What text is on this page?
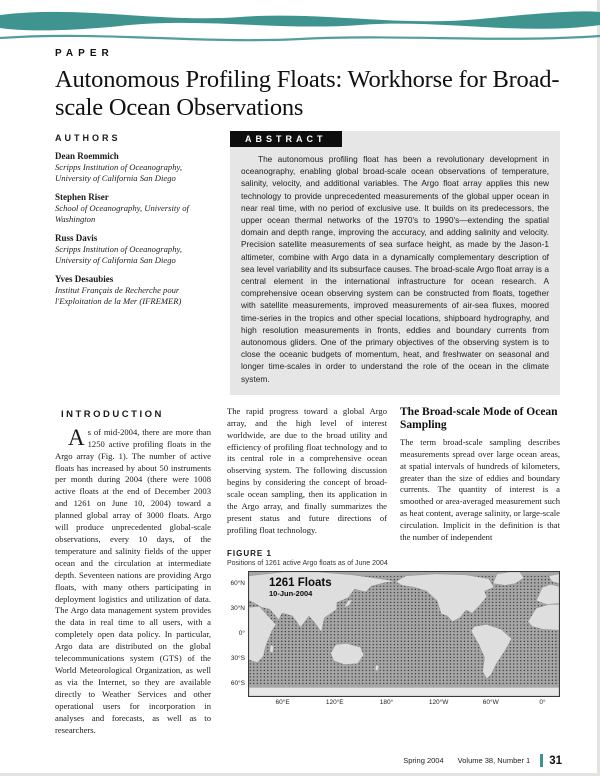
PAPER
Autonomous Profiling Floats: Workhorse for Broad-scale Ocean Observations
AUTHORS
Dean Roemmich
Scripps Institution of Oceanography, University of California San Diego
Stephen Riser
School of Oceanography, University of Washington
Russ Davis
Scripps Institution of Oceanography, University of California San Diego
Yves Desaubies
Institut Français de Recherche pour l'Exploitation de la Mer (IFREMER)
ABSTRACT

The autonomous profiling float has been a revolutionary development in oceanography, enabling global broad-scale ocean observations of temperature, salinity, velocity, and additional variables. The Argo float array applies this new technology to provide unprecedented measurements of the global upper ocean in near real time, with no period of exclusive use. It builds on its predecessors, the upper ocean thermal networks of the 1970's to 1990's—extending the spatial domain and depth range, improving the accuracy, and adding salinity and velocity. Precision satellite measurements of sea surface height, as made by the Jason-1 altimeter, combine with Argo data in a dynamically complementary description of sea level variability and its subsurface causes. The broad-scale Argo float array is a central element in the international infrastructure for ocean research. A comprehensive ocean observing system can be constructed from floats, together with satellite measurements, improved measurements of air-sea fluxes, moored time-series in the tropics and other special locations, shipboard hydrography, and high resolution measurements in fronts, eddies and boundary currents from autonomous gliders. One of the primary objectives of the observing system is to close the oceanic budgets of momentum, heat, and freshwater on seasonal and longer time-scales in order to understand the role of the ocean in the climate system.

INTRODUCTION

As of mid-2004, there are more than 1250 active profiling floats in the Argo array (Fig. 1). The number of active floats has increased by about 50 instruments per month during 2004 (there were 1008 active floats at the end of December 2003 and 1261 on June 10, 2004) toward a planned global array of 3000 floats. Argo will produce unprecedented global-scale observations, every 10 days, of the temperature and salinity fields of the upper ocean and the circulation at intermediate depth. Seventeen nations are providing Argo floats, with many others participating in deployment logistics and utilization of data. The Argo data management system provides the data in real time to all users, with a completely open data policy. In particular, Argo data are distributed on the global telecommunications system (GTS) of the World Meteorological Organization, as well as via the Internet, so they are available directly to Weather Services and other operational users for incorporation in analyses and forecasts, as well as to researchers.

The rapid progress toward a global Argo array, and the high level of interest worldwide, are due to the broad utility and efficiency of profiling float technology and to its central role in a comprehensive ocean observing system. The following discussion begins by considering the concept of broad-scale ocean sampling, then its application in the Argo array, and finally summarizes the present status and future directions of profiling float technology.

The Broad-scale Mode of Ocean Sampling

The term broad-scale sampling describes measurements spread over large ocean areas, at spatial intervals of hundreds of kilometers, greater than the size of eddies and boundary currents. The quantity of interest is a smoothed or area-averaged measurement such as heat content, average salinity, or large-scale circulation. Implicit in the definition is that the number of independent

FIGURE 1
Positions of 1261 active Argo floats as of June 2004
60°N
30°N
0°
30°S
60°S
1261 Floats
10-Jun-2004
60°E	120°E	180°	120°W	60°W	0°
Spring 2004 Volume 38, Number 1 31
